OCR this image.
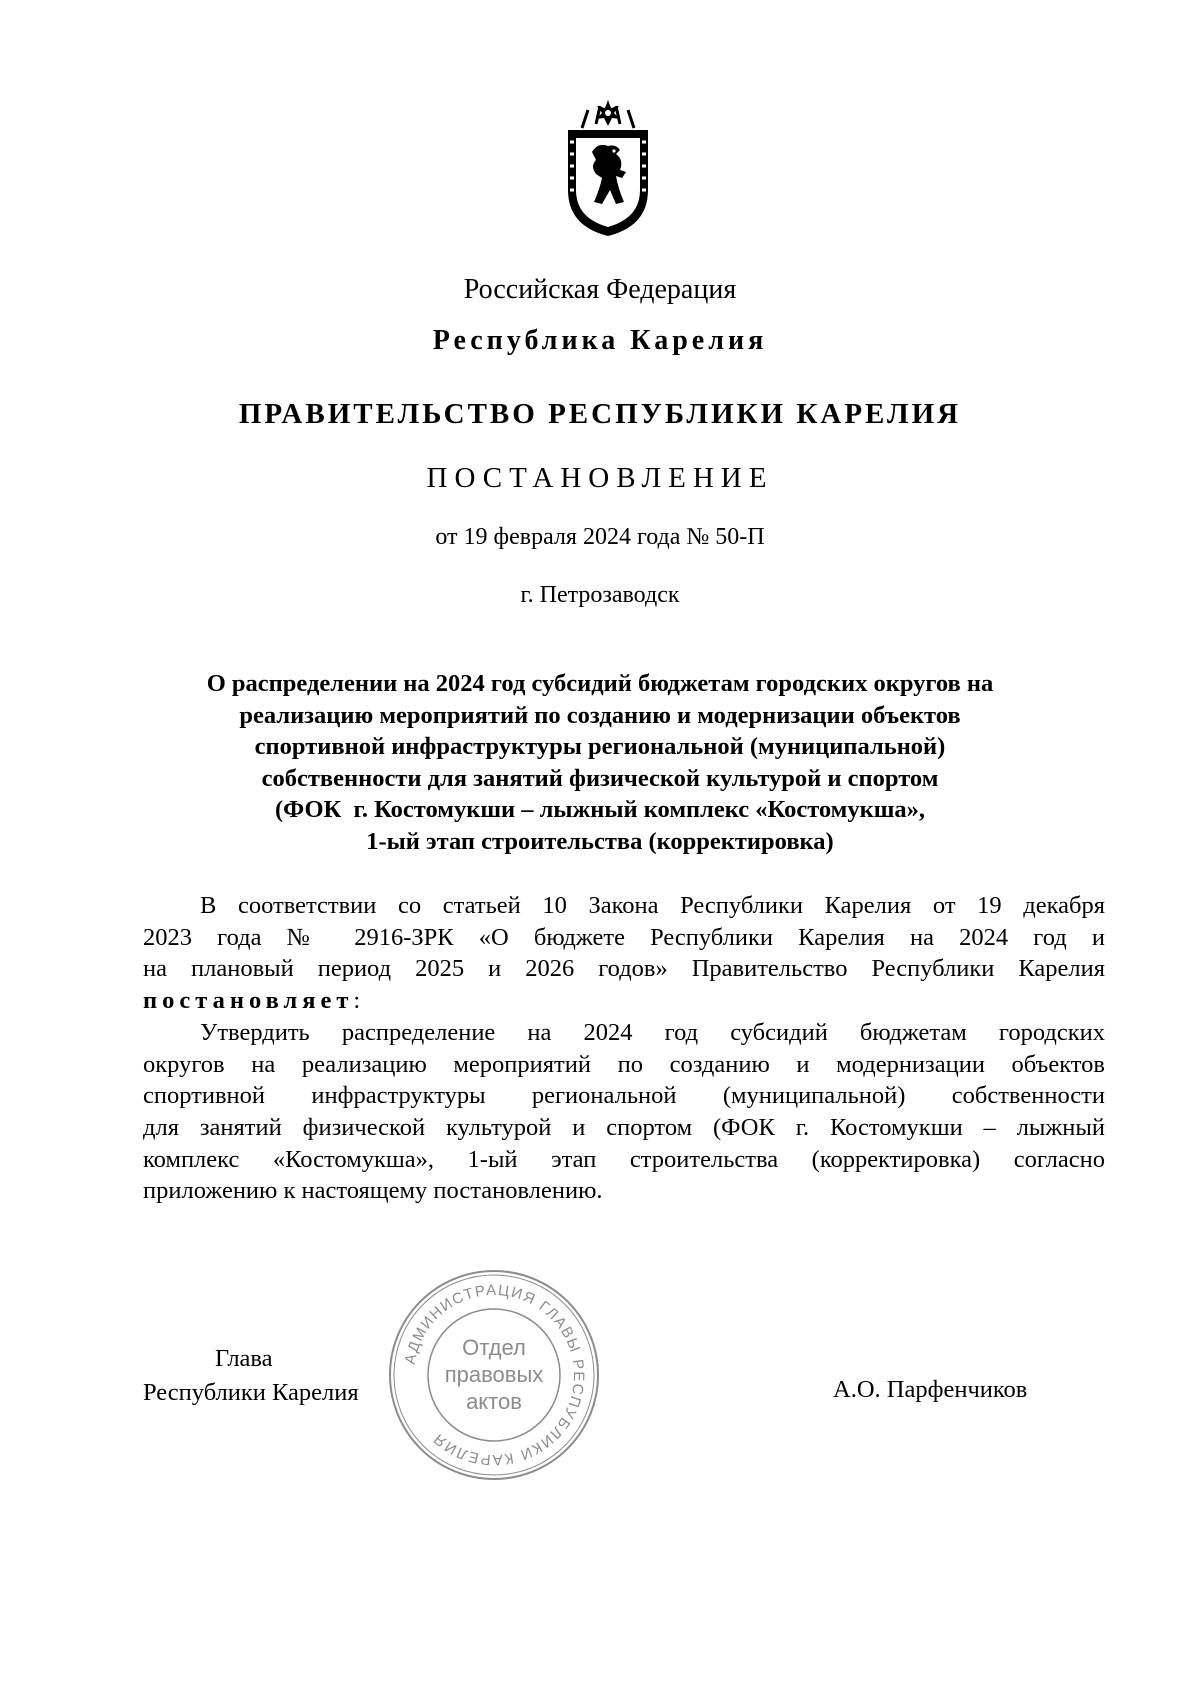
Российская Федерация
Республика Карелия
ПРАВИТЕЛЬСТВО РЕСПУБЛИКИ КАРЕЛИЯ
ПОСТАНОВЛЕНИЕ
от 19 февраля 2024 года № 50-П
г. Петрозаводск
О распределении на 2024 год субсидий бюджетам городских округов на
реализацию мероприятий по созданию и модернизации объектов
спортивной инфраструктуры региональной (муниципальной)
собственности для занятий физической культурой и спортом
(ФОК  г. Костомукши – лыжный комплекс «Костомукша»,
1-ый этап строительства (корректировка)
В соответствии со статьей 10 Закона Республики Карелия от 19 декабря
2023 года № 2916-ЗРК «О бюджете Республики Карелия на 2024 год и
на плановый период 2025 и 2026 годов» Правительство Республики Карелия
постановляет:
Утвердить распределение на 2024 год субсидий бюджетам городских
округов на реализацию мероприятий по созданию и модернизации объектов
спортивной инфраструктуры региональной (муниципальной) собственности
для занятий физической культурой и спортом (ФОК г. Костомукши – лыжный
комплекс «Костомукша», 1-ый этап строительства (корректировка) согласно
приложению к настоящему постановлению.
Глава
Республики Карелия	А.О. Парфенчиков
АДМИНИСТРАЦИЯ ГЛАВЫ РЕСПУБЛИКИ КАРЕЛИЯ
Отдел
правовых
актов
